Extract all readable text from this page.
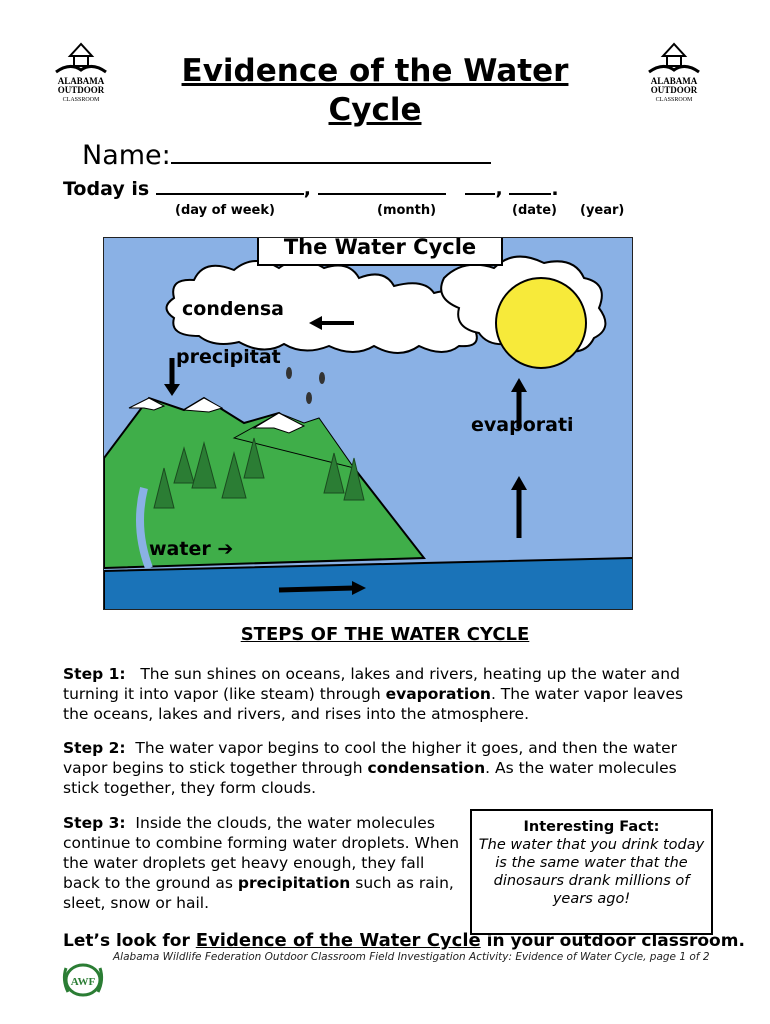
ALABAMA
OUTDOOR
CLASSROOM
ALABAMA
OUTDOOR
CLASSROOM
Evidence of the Water Cycle
Name:
Today is	,	,	.
(day of week)	(month)	(date) (year)
The Water Cycle
condensa
precipitat
evaporati
water ➔
STEPS OF THE WATER CYCLE
Step 1: The sun shines on oceans, lakes and rivers, heating up the water and turning it into vapor (like steam) through evaporation. The water vapor leaves the oceans, lakes and rivers, and rises into the atmosphere.
Step 2: The water vapor begins to cool the higher it goes, and then the water vapor begins to stick together through condensation. As the water molecules stick together, they form clouds.
Step 3: Inside the clouds, the water molecules continue to combine forming water droplets. When the water droplets get heavy enough, they fall back to the ground as precipitation such as rain, sleet, snow or hail.
Interesting Fact:
The water that you drink today is the same water that the dinosaurs drank millions of years ago!
Let’s look for Evidence of the Water Cycle in your outdoor classroom.
Alabama Wildlife Federation Outdoor Classroom Field Investigation Activity: Evidence of Water Cycle, page 1 of 2
AWF
